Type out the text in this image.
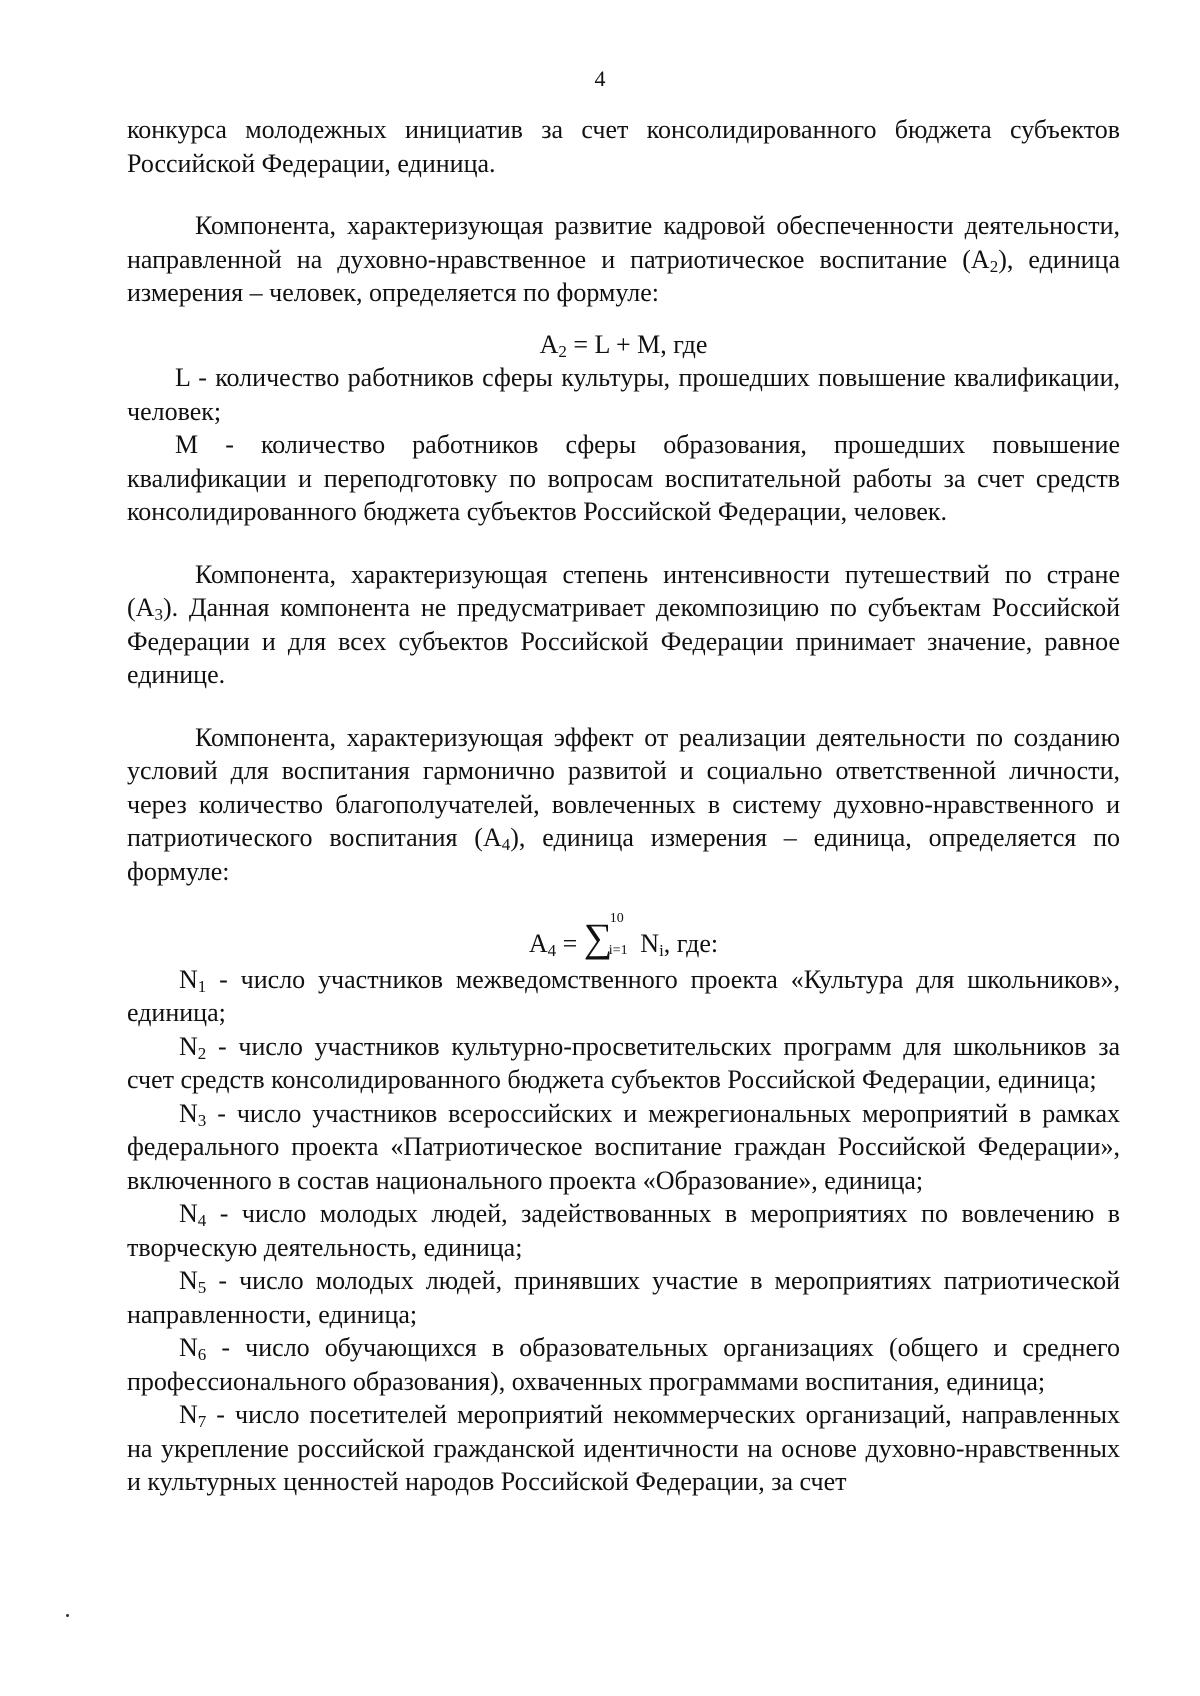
4

конкурса молодежных инициатив за счет консолидированного бюджета субъектов Российской Федерации, единица.

Компонента, характеризующая развитие кадровой обеспеченности деятельности, направленной на духовно-нравственное и патриотическое воспитание $(А_2)$, единица измерения – человек, определяется по формуле:

$А_2 = L + M$, где

L - количество работников сферы культуры, прошедших повышение квалификации, человек;

M - количество работников сферы образования, прошедших повышение квалификации и переподготовку по вопросам воспитательной работы за счет средств консолидированного бюджета субъектов Российской Федерации, человек.

Компонента, характеризующая степень интенсивности путешествий по стране $(А_3)$. Данная компонента не предусматривает декомпозицию по субъектам Российской Федерации и для всех субъектов Российской Федерации принимает значение, равное единице.

Компонента, характеризующая эффект от реализации деятельности по созданию условий для воспитания гармонично развитой и социально ответственной личности, через количество благополучателей, вовлеченных в систему духовно-нравственного и патриотического воспитания $(А_4)$, единица измерения – единица, определяется по формуле:

$A_4$ = ∑
10
i=1 $N_i$, где:

$N_1$ - число участников межведомственного проекта «Культура для школьников», единица;

$N_2$ - число участников культурно-просветительских программ для школьников за счет средств консолидированного бюджета субъектов Российской Федерации, единица;

$N_3$ - число участников всероссийских и межрегиональных мероприятий в рамках федерального проекта «Патриотическое воспитание граждан Российской Федерации», включенного в состав национального проекта «Образование», единица;

$N_4$ - число молодых людей, задействованных в мероприятиях по вовлечению в творческую деятельность, единица;

$N_5$ - число молодых людей, принявших участие в мероприятиях патриотической направленности, единица;

$N_6$ - число обучающихся в образовательных организациях (общего и среднего профессионального образования), охваченных программами воспитания, единица;

$N_7$ - число посетителей мероприятий некоммерческих организаций, направленных на укрепление российской гражданской идентичности на основе духовно-нравственных и культурных ценностей народов Российской Федерации, за счет
